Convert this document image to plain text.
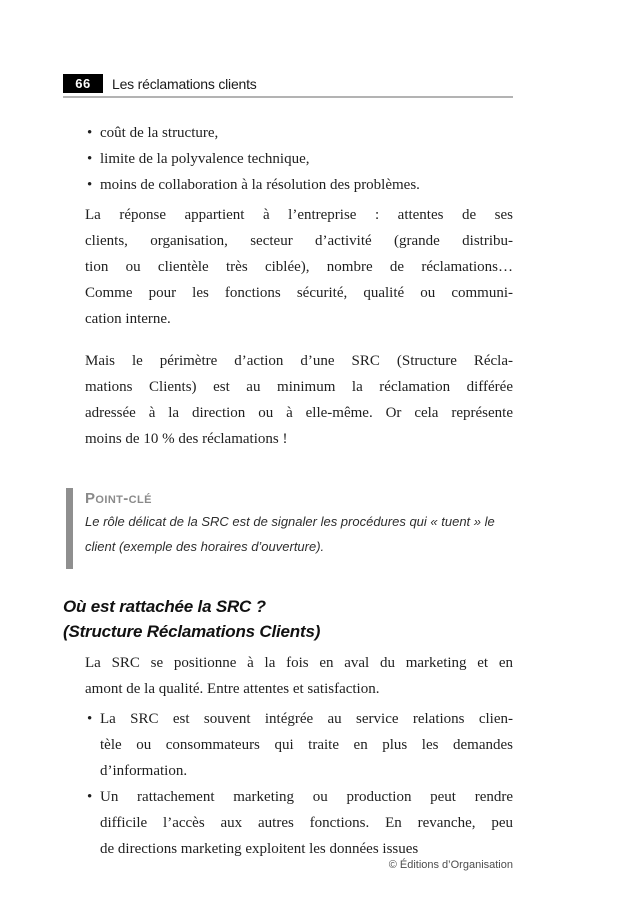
66	Les réclamations clients
• coût de la structure,
• limite de la polyvalence technique,
• moins de collaboration à la résolution des problèmes.
La réponse appartient à l’entreprise : attentes de ses
clients, organisation, secteur d’activité (grande distribu-
tion ou clientèle très ciblée), nombre de réclamations…
Comme pour les fonctions sécurité, qualité ou communi-
cation interne.
Mais le périmètre d’action d’une SRC (Structure Récla-
mations Clients) est au minimum la réclamation différée
adressée à la direction ou à elle-même. Or cela représente
moins de 10 % des réclamations !
Point-clé
Le rôle délicat de la SRC est de signaler les procédures qui « tuent » le
client (exemple des horaires d’ouverture).
Où est rattachée la SRC ?
(Structure Réclamations Clients)
La SRC se positionne à la fois en aval du marketing et en
amont de la qualité. Entre attentes et satisfaction.
• La SRC est souvent intégrée au service relations clien-
tèle ou consommateurs qui traite en plus les demandes
d’information.
• Un rattachement marketing ou production peut rendre
difficile l’accès aux autres fonctions. En revanche, peu
de directions marketing exploitent les données issues
© Éditions d’Organisation
